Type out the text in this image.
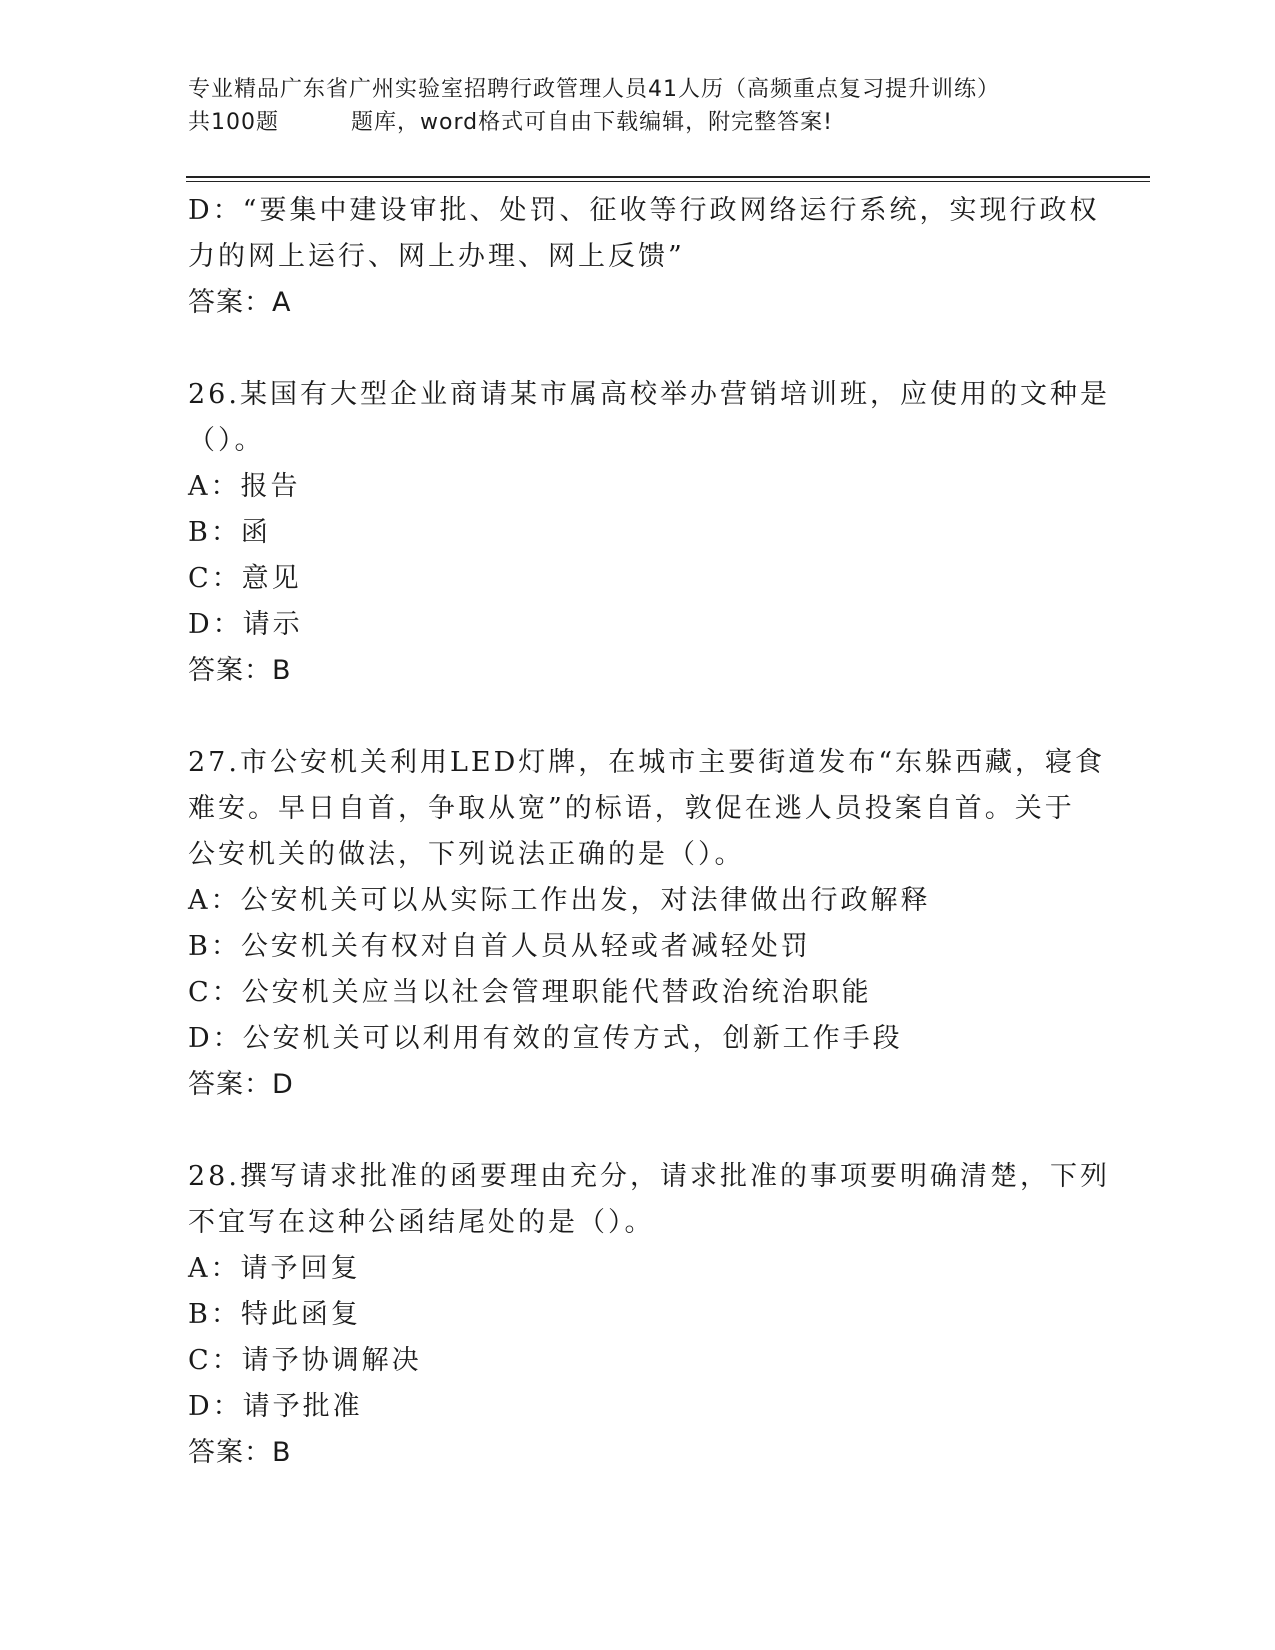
专业精品广东省广州实验室招聘行政管理人员41人历（高频重点复习提升训练）
共100题	题库，word格式可自由下载编辑，附完整答案!
D：“要集中建设审批、处罚、征收等行政网络运行系统，实现行政权
力的网上运行、网上办理、网上反馈”
答案：A
26.某国有大型企业商请某市属高校举办营销培训班，应使用的文种是
（）。
A：报告
B：函
C：意见
D：请示
答案：B
27.市公安机关利用LED灯牌，在城市主要街道发布“东躲西藏，寝食
难安。早日自首，争取从宽”的标语，敦促在逃人员投案自首。关于
公安机关的做法，下列说法正确的是（）。
A：公安机关可以从实际工作出发，对法律做出行政解释
B：公安机关有权对自首人员从轻或者减轻处罚
C：公安机关应当以社会管理职能代替政治统治职能
D：公安机关可以利用有效的宣传方式，创新工作手段
答案：D
28.撰写请求批准的函要理由充分，请求批准的事项要明确清楚，下列
不宜写在这种公函结尾处的是（）。
A：请予回复
B：特此函复
C：请予协调解决
D：请予批准
答案：B
